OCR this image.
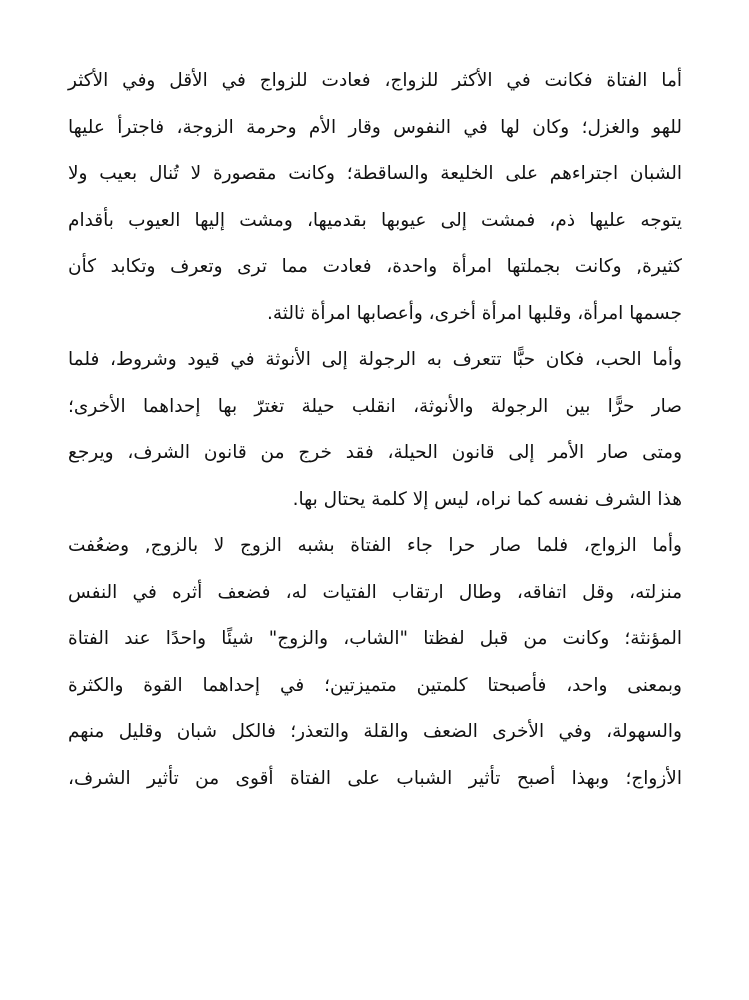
أما الفتاة فكانت في الأكثر للزواج، فعادت للزواج في الأقل وفي الأكثر
للهو والغزل؛ وكان لها في النفوس وقار الأم وحرمة الزوجة، فاجترأ عليها
الشبان اجتراءهم على الخليعة والساقطة؛ وكانت مقصورة لا تُنال بعيب ولا
يتوجه عليها ذم، فمشت إلى عيوبها بقدميها، ومشت إليها العيوب بأقدام
كثيرة, وكانت بجملتها امرأة واحدة، فعادت مما ترى وتعرف وتكابد كأن
جسمها امرأة، وقلبها امرأة أخرى، وأعصابها امرأة ثالثة.
وأما الحب، فكان حبًّا تتعرف به الرجولة إلى الأنوثة في قيود وشروط، فلما
صار حرًّا بين الرجولة والأنوثة، انقلب حيلة تغترّ بها إحداهما الأخرى؛
ومتى صار الأمر إلى قانون الحيلة، فقد خرج من قانون الشرف، ويرجع
هذا الشرف نفسه كما نراه، ليس إلا كلمة يحتال بها.
وأما الزواج، فلما صار حرا جاء الفتاة بشبه الزوج لا بالزوج, وضعُفت
منزلته، وقل اتفاقه، وطال ارتقاب الفتيات له، فضعف أثره في النفس
المؤنثة؛ وكانت من قبل لفظتا "الشاب، والزوج" شيئًا واحدًا عند الفتاة
وبمعنى واحد، فأصبحتا كلمتين متميزتين؛ في إحداهما القوة والكثرة
والسهولة، وفي الأخرى الضعف والقلة والتعذر؛ فالكل شبان وقليل منهم
الأزواج؛ وبهذا أصبح تأثير الشباب على الفتاة أقوى من تأثير الشرف،
